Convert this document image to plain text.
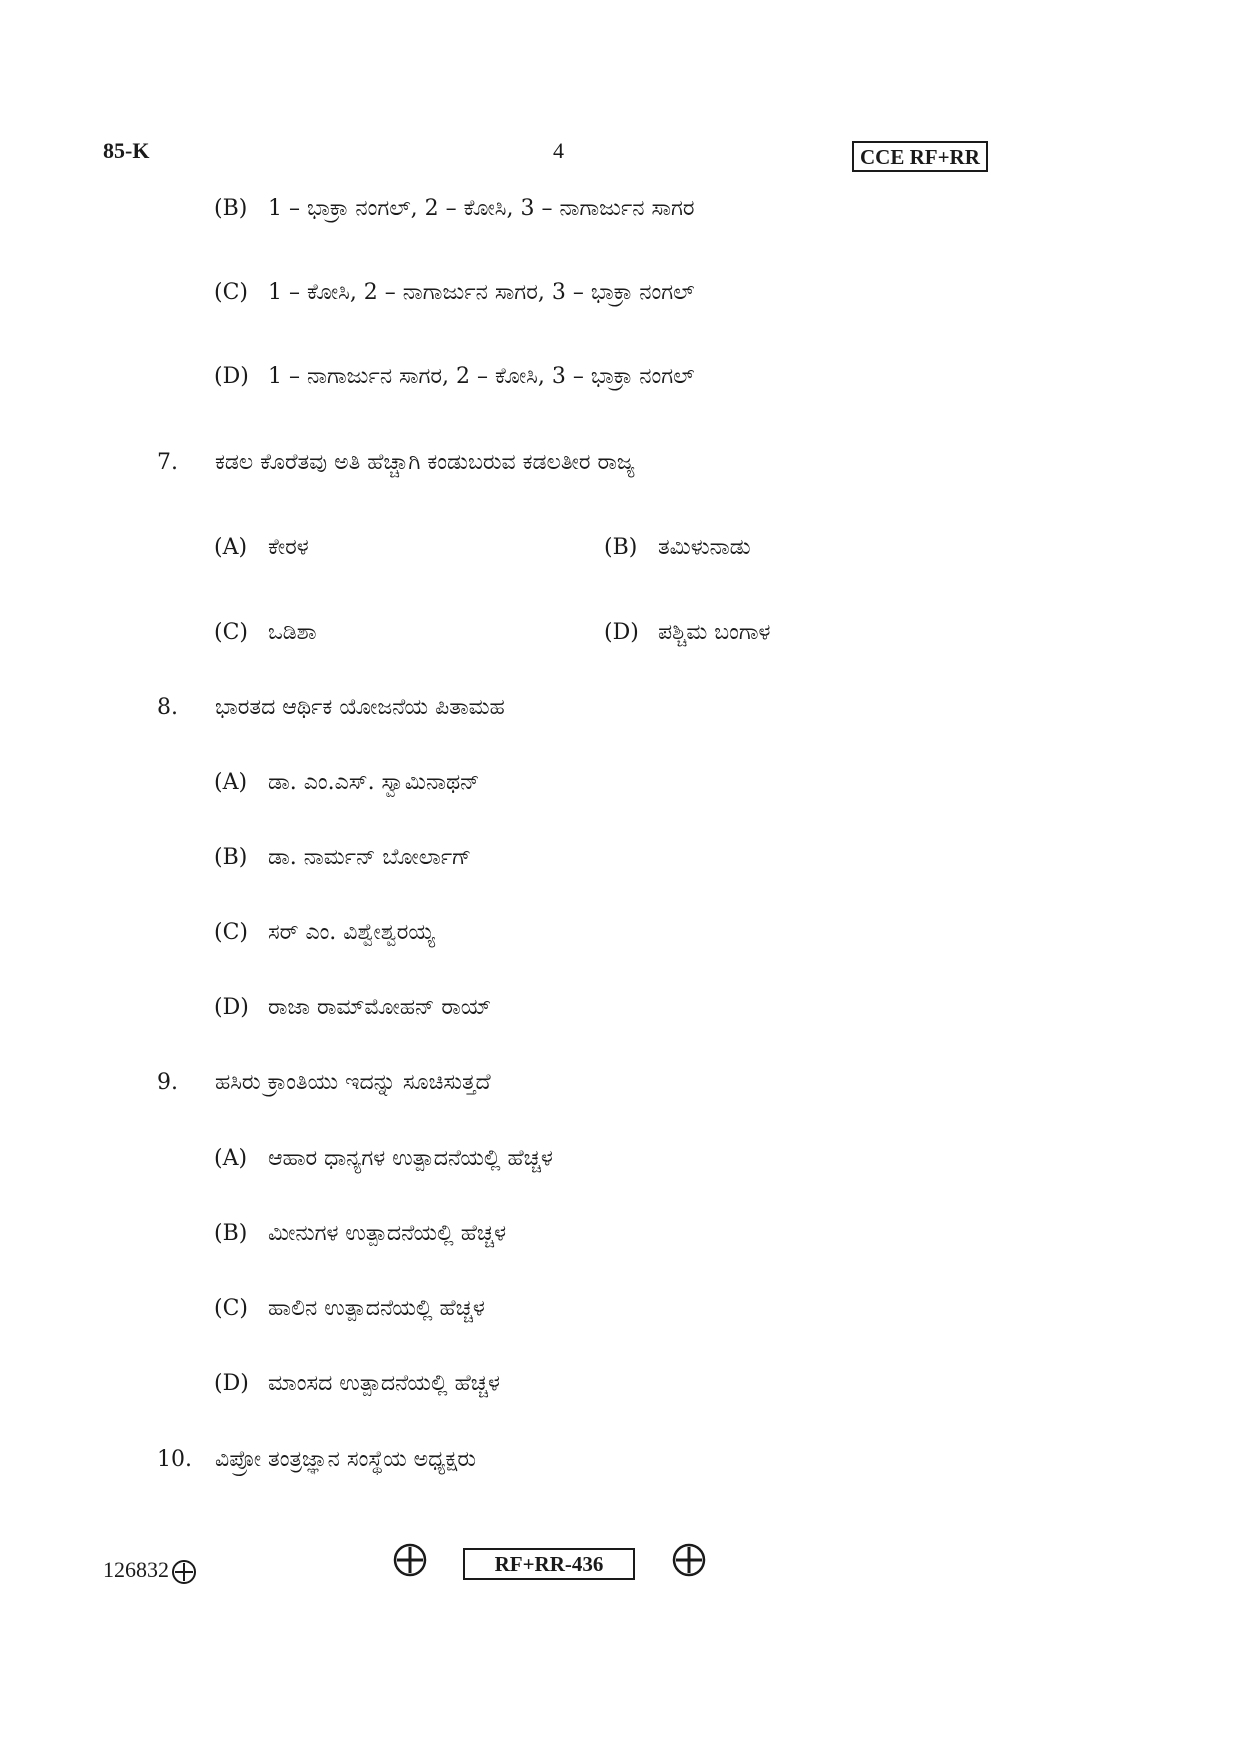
85-K	4	CCE RF+RR
(B) 1 – ಭಾಕ್ರಾ ನಂಗಲ್, 2 – ಕೋಸಿ, 3 – ನಾಗಾರ್ಜುನ ಸಾಗರ
(C) 1 – ಕೋಸಿ, 2 – ನಾಗಾರ್ಜುನ ಸಾಗರ, 3 – ಭಾಕ್ರಾ ನಂಗಲ್
(D) 1 – ನಾಗಾರ್ಜುನ ಸಾಗರ, 2 – ಕೋಸಿ, 3 – ಭಾಕ್ರಾ ನಂಗಲ್
7. ಕಡಲ ಕೊರೆತವು ಅತಿ ಹೆಚ್ಚಾಗಿ ಕಂಡುಬರುವ ಕಡಲತೀರ ರಾಜ್ಯ
(A) ಕೇರಳ	(B) ತಮಿಳುನಾಡು
(C) ಒಡಿಶಾ	(D) ಪಶ್ಚಿಮ ಬಂಗಾಳ
8. ಭಾರತದ ಆರ್ಥಿಕ ಯೋಜನೆಯ ಪಿತಾಮಹ
(A) ಡಾ. ಎಂ.ಎಸ್. ಸ್ವಾಮಿನಾಥನ್
(B) ಡಾ. ನಾರ್ಮನ್ ಬೋರ್ಲಾಗ್
(C) ಸರ್ ಎಂ. ವಿಶ್ವೇಶ್ವರಯ್ಯ
(D) ರಾಜಾ ರಾಮ್‌ಮೋಹನ್ ರಾಯ್
9. ಹಸಿರು ಕ್ರಾಂತಿಯು ಇದನ್ನು ಸೂಚಿಸುತ್ತದೆ
(A) ಆಹಾರ ಧಾನ್ಯಗಳ ಉತ್ಪಾದನೆಯಲ್ಲಿ ಹೆಚ್ಚಳ
(B) ಮೀನುಗಳ ಉತ್ಪಾದನೆಯಲ್ಲಿ ಹೆಚ್ಚಳ
(C) ಹಾಲಿನ ಉತ್ಪಾದನೆಯಲ್ಲಿ ಹೆಚ್ಚಳ
(D) ಮಾಂಸದ ಉತ್ಪಾದನೆಯಲ್ಲಿ ಹೆಚ್ಚಳ
10. ವಿಪ್ರೋ ತಂತ್ರಜ್ಞಾನ ಸಂಸ್ಥೆಯ ಅಧ್ಯಕ್ಷರು
126832	RF+RR-436
